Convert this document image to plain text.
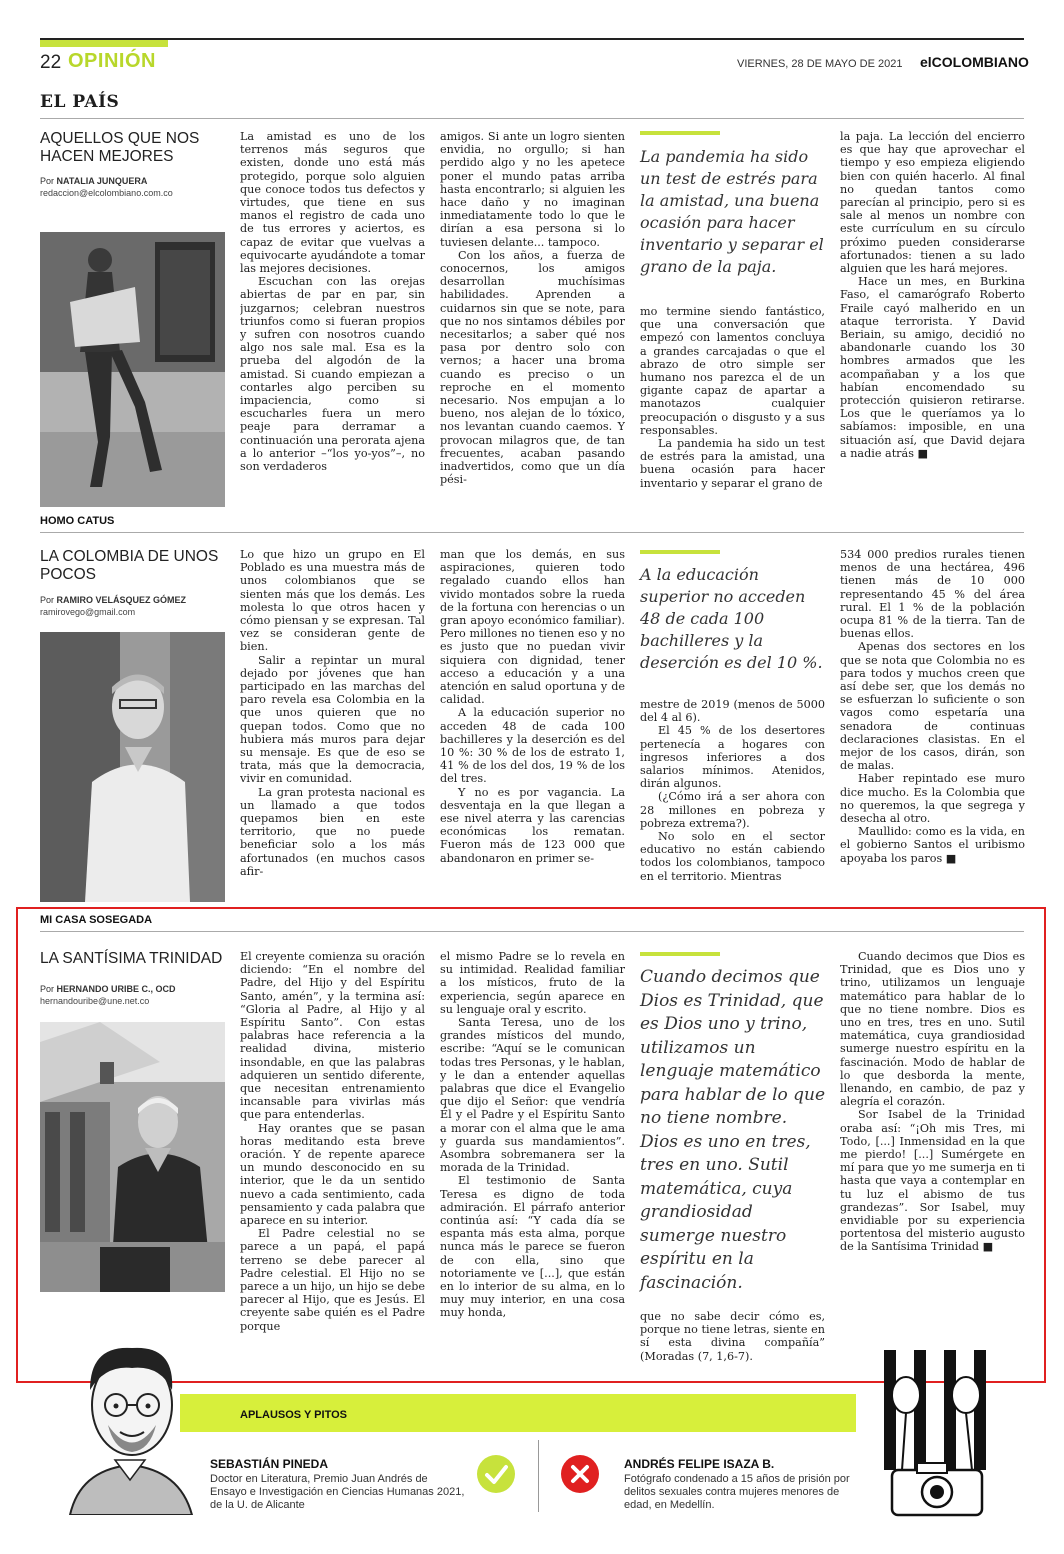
22 OPINIÓN	VIERNES, 28 DE MAYO DE 2021 elCOLOMBIANO
EL PAÍS
AQUELLOS QUE NOS HACEN MEJORES
Por NATALIA JUNQUERA
redaccion@elcolombiano.com.co

La amistad es uno de los terrenos más seguros que existen, donde uno está más protegido, porque solo alguien que conoce todos tus defectos y virtudes, que tiene en sus manos el registro de cada uno de tus errores y aciertos, es capaz de evitar que vuelvas a equivocarte ayudándote a tomar las mejores decisiones.

Escuchan con las orejas abiertas de par en par, sin juzgarnos; celebran nuestros triunfos como si fueran propios y sufren con nosotros cuando algo nos sale mal. Esa es la prueba del algodón de la amistad. Si cuando empiezan a contarles algo perciben su impaciencia, como si escucharles fuera un mero peaje para derramar a continuación una perorata ajena a lo anterior –“los yo-yos”–, no son verdaderos

amigos. Si ante un logro sienten envidia, no orgullo; si han perdido algo y no les apetece poner el mundo patas arriba hasta encontrarlo; si alguien les hace daño y no imaginan inmediatamente todo lo que le dirían a esa persona si lo tuviesen delante... tampoco.

Con los años, a fuerza de conocernos, los amigos desarrollan muchísimas habilidades. Aprenden a cuidarnos sin que se note, para que no nos sintamos débiles por necesitarlos; a saber qué nos pasa por dentro solo con vernos; a hacer una broma cuando es preciso o un reproche en el momento necesario. Nos empujan a lo bueno, nos alejan de lo tóxico, nos levantan cuando caemos. Y provocan milagros que, de tan frecuentes, acaban pasando inadvertidos, como que un día pési-

La pandemia ha sido un test de estrés para la amistad, una buena ocasión para hacer inventario y separar el grano de la paja.

mo termine siendo fantástico, que una conversación que empezó con lamentos concluya a grandes carcajadas o que el abrazo de otro simple ser humano nos parezca el de un gigante capaz de apartar a manotazos cualquier preocupación o disgusto y a sus responsables.

La pandemia ha sido un test de estrés para la amistad, una buena ocasión para hacer inventario y separar el grano de

la paja. La lección del encierro es que hay que aprovechar el tiempo y eso empieza eligiendo bien con quién hacerlo. Al final no quedan tantos como parecían al principio, pero si es sale al menos un nombre con este currículum en su círculo próximo pueden considerarse afortunados: tienen a su lado alguien que les hará mejores.

Hace un mes, en Burkina Faso, el camarógrafo Roberto Fraile cayó malherido en un ataque terrorista. Y David Beriain, su amigo, decidió no abandonarle cuando los 30 hombres armados que les acompañaban y a los que habían encomendado su protección quisieron retirarse. Los que le queríamos ya lo sabíamos: imposible, en una situación así, que David dejara a nadie atrás ■

HOMO CATUS
LA COLOMBIA DE UNOS POCOS
Por RAMIRO VELÁSQUEZ GÓMEZ
ramirovego@gmail.com

Lo que hizo un grupo en El Poblado es una muestra más de unos colombianos que se sienten más que los demás. Les molesta lo que otros hacen y cómo piensan y se expresan. Tal vez se consideran gente de bien.

Salir a repintar un mural dejado por jóvenes que han participado en las marchas del paro revela esa Colombia en la que unos quieren que no quepan todos. Como que no hubiera más muros para dejar su mensaje. Es que de eso se trata, más que la democracia, vivir en comunidad.

La gran protesta nacional es un llamado a que todos quepamos bien en este territorio, que no puede beneficiar solo a los más afortunados (en muchos casos afir-

man que los demás, en sus aspiraciones, quieren todo regalado cuando ellos han vivido montados sobre la rueda de la fortuna con herencias o un gran apoyo económico familiar). Pero millones no tienen eso y no es justo que no puedan vivir siquiera con dignidad, tener acceso a educación y a una atención en salud oportuna y de calidad.

A la educación superior no acceden 48 de cada 100 bachilleres y la deserción es del 10 %: 30 % de los de estrato 1, 41 % de los del dos, 19 % de los del tres.

Y no es por vagancia. La desventaja en la que llegan a ese nivel aterra y las carencias económicas los rematan. Fueron más de 123 000 que abandonaron en primer se-

A la educación superior no acceden 48 de cada 100 bachilleres y la deserción es del 10 %.

mestre de 2019 (menos de 5000 del 4 al 6).

El 45 % de los desertores pertenecía a hogares con ingresos inferiores a dos salarios mínimos. Atenidos, dirán algunos.

(¿Cómo irá a ser ahora con 28 millones en pobreza y pobreza extrema?).

No solo en el sector educativo no están cabiendo todos los colombianos, tampoco en el territorio. Mientras

534 000 predios rurales tienen menos de una hectárea, 496 tienen más de 10 000 representando 45 % del área rural. El 1 % de la población ocupa 81 % de la tierra. Tan de buenas ellos.

Apenas dos sectores en los que se nota que Colombia no es para todos y muchos creen que así debe ser, que los demás no se esfuerzan lo suficiente o son vagos como espetaría una senadora de continuas declaraciones clasistas. En el mejor de los casos, dirán, son de malas.

Haber repintado ese muro dice mucho. Es la Colombia que no queremos, la que segrega y desecha al otro.

Maullido: como es la vida, en el gobierno Santos el uribismo apoyaba los paros ■

MI CASA SOSEGADA
LA SANTÍSIMA TRINIDAD
Por HERNANDO URIBE C., OCD
hernandouribe@une.net.co

El creyente comienza su oración diciendo: “En el nombre del Padre, del Hijo y del Espíritu Santo, amén”, y la termina así: “Gloria al Padre, al Hijo y al Espíritu Santo”. Con estas palabras hace referencia a la realidad divina, misterio insondable, en que las palabras adquieren un sentido diferente, que necesitan entrenamiento incansable para vivirlas más que para entenderlas.

Hay orantes que se pasan horas meditando esta breve oración. Y de repente aparece un mundo desconocido en su interior, que le da un sentido nuevo a cada sentimiento, cada pensamiento y cada palabra que aparece en su interior.

El Padre celestial no se parece a un papá, el papá terreno se debe parecer al Padre celestial. El Hijo no se parece a un hijo, un hijo se debe parecer al Hijo, que es Jesús. El creyente sabe quién es el Padre porque

el mismo Padre se lo revela en su intimidad. Realidad familiar a los místicos, fruto de la experiencia, según aparece en su lenguaje oral y escrito.

Santa Teresa, uno de los grandes místicos del mundo, escribe: “Aquí se le comunican todas tres Personas, y le hablan, y le dan a entender aquellas palabras que dice el Evangelio que dijo el Señor: que vendría Él y el Padre y el Espíritu Santo a morar con el alma que le ama y guarda sus mandamientos”. Asombra sobremanera ser la morada de la Trinidad.

El testimonio de Santa Teresa es digno de toda admiración. El párrafo anterior continúa así: “Y cada día se espanta más esta alma, porque nunca más le parece se fueron de con ella, sino que notoriamente ve [...], que están en lo interior de su alma, en lo muy muy interior, en una cosa muy honda,

Cuando decimos que Dios es Trinidad, que es Dios uno y trino, utilizamos un lenguaje matemático para hablar de lo que no tiene nombre. Dios es uno en tres, tres en uno. Sutil matemática, cuya grandiosidad sumerge nuestro espíritu en la fascinación.

que no sabe decir cómo es, porque no tiene letras, siente en sí esta divina compañía” (Moradas (7, 1,6-7).

Cuando decimos que Dios es Trinidad, que es Dios uno y trino, utilizamos un lenguaje matemático para hablar de lo que no tiene nombre. Dios es uno en tres, tres en uno. Sutil matemática, cuya grandiosidad sumerge nuestro espíritu en la fascinación. Modo de hablar de lo que desborda la mente, llenando, en cambio, de paz y alegría el corazón.

Sor Isabel de la Trinidad oraba así: “¡Oh mis Tres, mi Todo, [...] Inmensidad en la que me pierdo! [...] Sumérgete en mí para que yo me sumerja en ti hasta que vaya a contemplar en tu luz el abismo de tus grandezas”. Sor Isabel, muy envidiable por su experiencia portentosa del misterio augusto de la Santísima Trinidad ■

APLAUSOS Y PITOS
SEBASTIÁN PINEDA
Doctor en Literatura, Premio Juan Andrés de Ensayo e Investigación en Ciencias Humanas 2021, de la U. de Alicante
ANDRÉS FELIPE ISAZA B.
Fotógrafo condenado a 15 años de prisión por delitos sexuales contra mujeres menores de edad, en Medellín.
